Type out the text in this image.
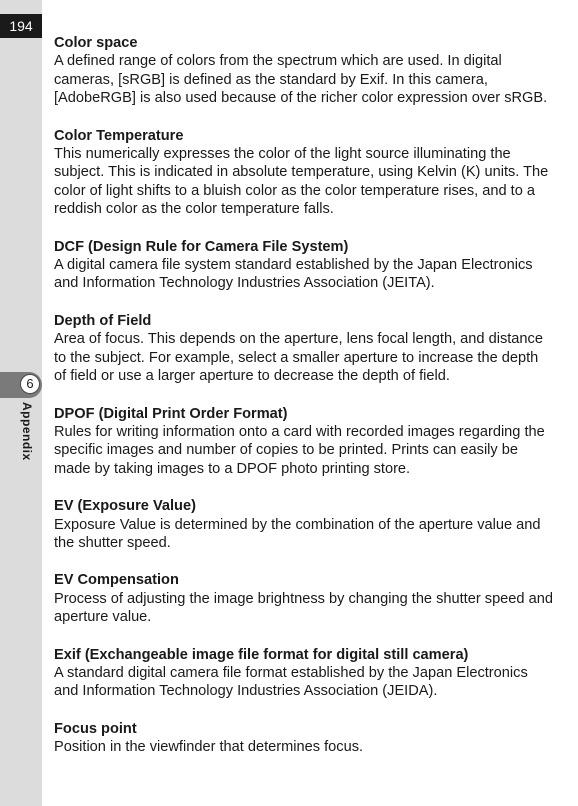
194
6
Appendix

Color space

A defined range of colors from the spectrum which are used. In digital cameras, [sRGB] is defined as the standard by Exif. In this camera, [AdobeRGB] is also used because of the richer color expression over sRGB.

Color Temperature

This numerically expresses the color of the light source illuminating the subject. This is indicated in absolute temperature, using Kelvin (K) units. The color of light shifts to a bluish color as the color temperature rises, and to a reddish color as the color temperature falls.

DCF (Design Rule for Camera File System)

A digital camera file system standard established by the Japan Electronics and Information Technology Industries Association (JEITA).

Depth of Field

Area of focus. This depends on the aperture, lens focal length, and distance to the subject. For example, select a smaller aperture to increase the depth of field or use a larger aperture to decrease the depth of field.

DPOF (Digital Print Order Format)

Rules for writing information onto a card with recorded images regarding the specific images and number of copies to be printed. Prints can easily be made by taking images to a DPOF photo printing store.

EV (Exposure Value)

Exposure Value is determined by the combination of the aperture value and the shutter speed.

EV Compensation

Process of adjusting the image brightness by changing the shutter speed and aperture value.

Exif (Exchangeable image file format for digital still camera)

A standard digital camera file format established by the Japan Electronics and Information Technology Industries Association (JEIDA).

Focus point

Position in the viewfinder that determines focus.
